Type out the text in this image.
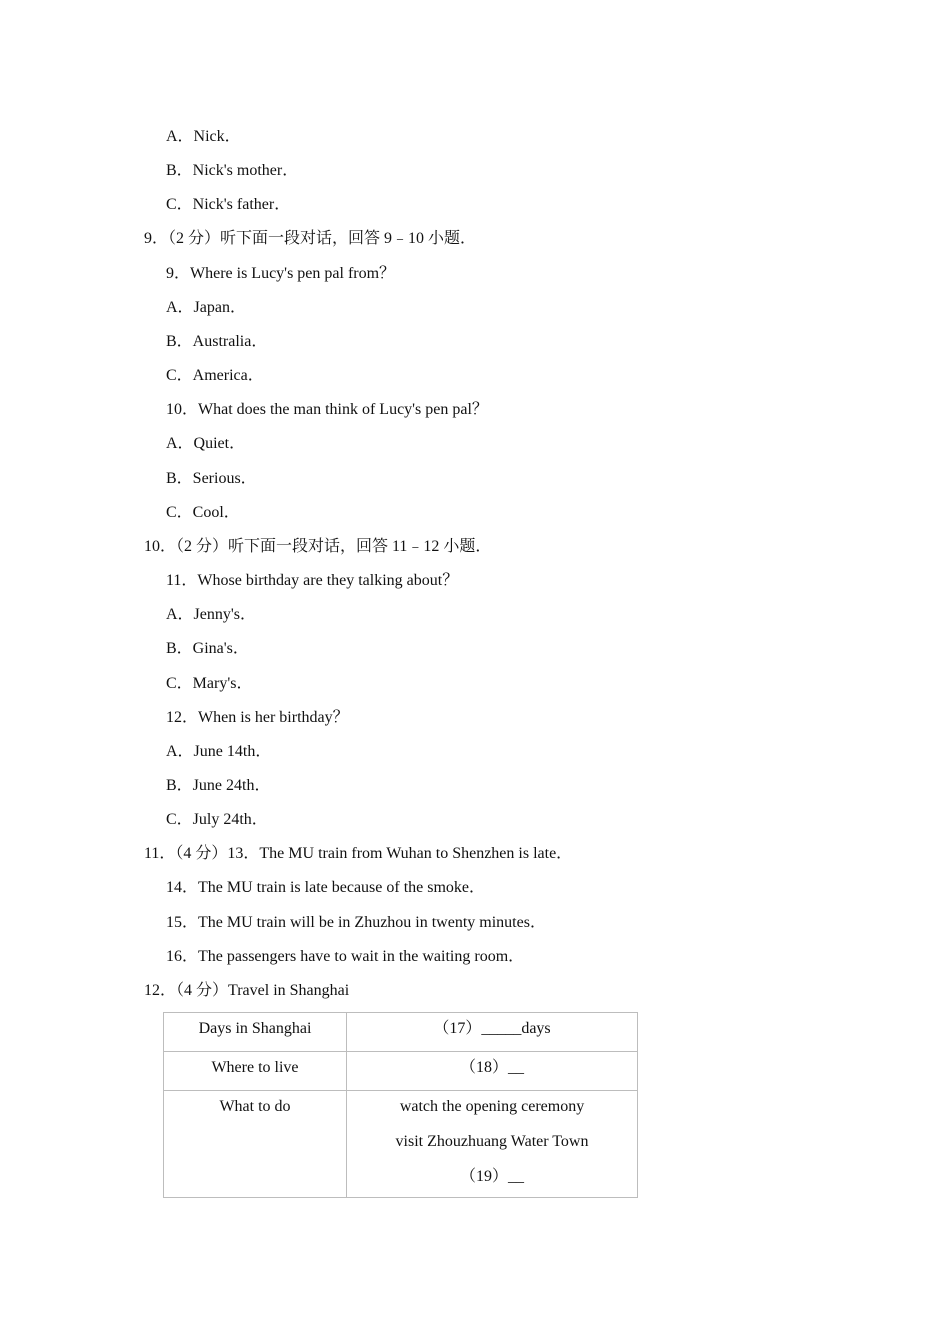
A．Nick．
B．Nick's mother．
C．Nick's father．
9．（2 分）听下面一段对话，回答 9﹣10 小题．
9．Where is Lucy's pen pal from？
A．Japan．
B．Australia．
C．America．
10．What does the man think of Lucy's pen pal？
A．Quiet．
B．Serious．
C．Cool．
10．（2 分）听下面一段对话，回答 11﹣12 小题．
11．Whose birthday are they talking about？
A．Jenny's．
B．Gina's．
C．Mary's．
12．When is her birthday？
A．June 14th．
B．June 24th．
C．July 24th．
11．（4 分）13．The MU train from Wuhan to Shenzhen is late．
14．The MU train is late because of the smoke．
15．The MU train will be in Zhuzhou in twenty minutes．
16．The passengers have to wait in the waiting room．
12．（4 分）Travel in Shanghai
Days in Shanghai	（17）_____days

Where to live	（18）__

What to do	watch the opening ceremony
visit Zhouzhuang Water Town
（19）__
